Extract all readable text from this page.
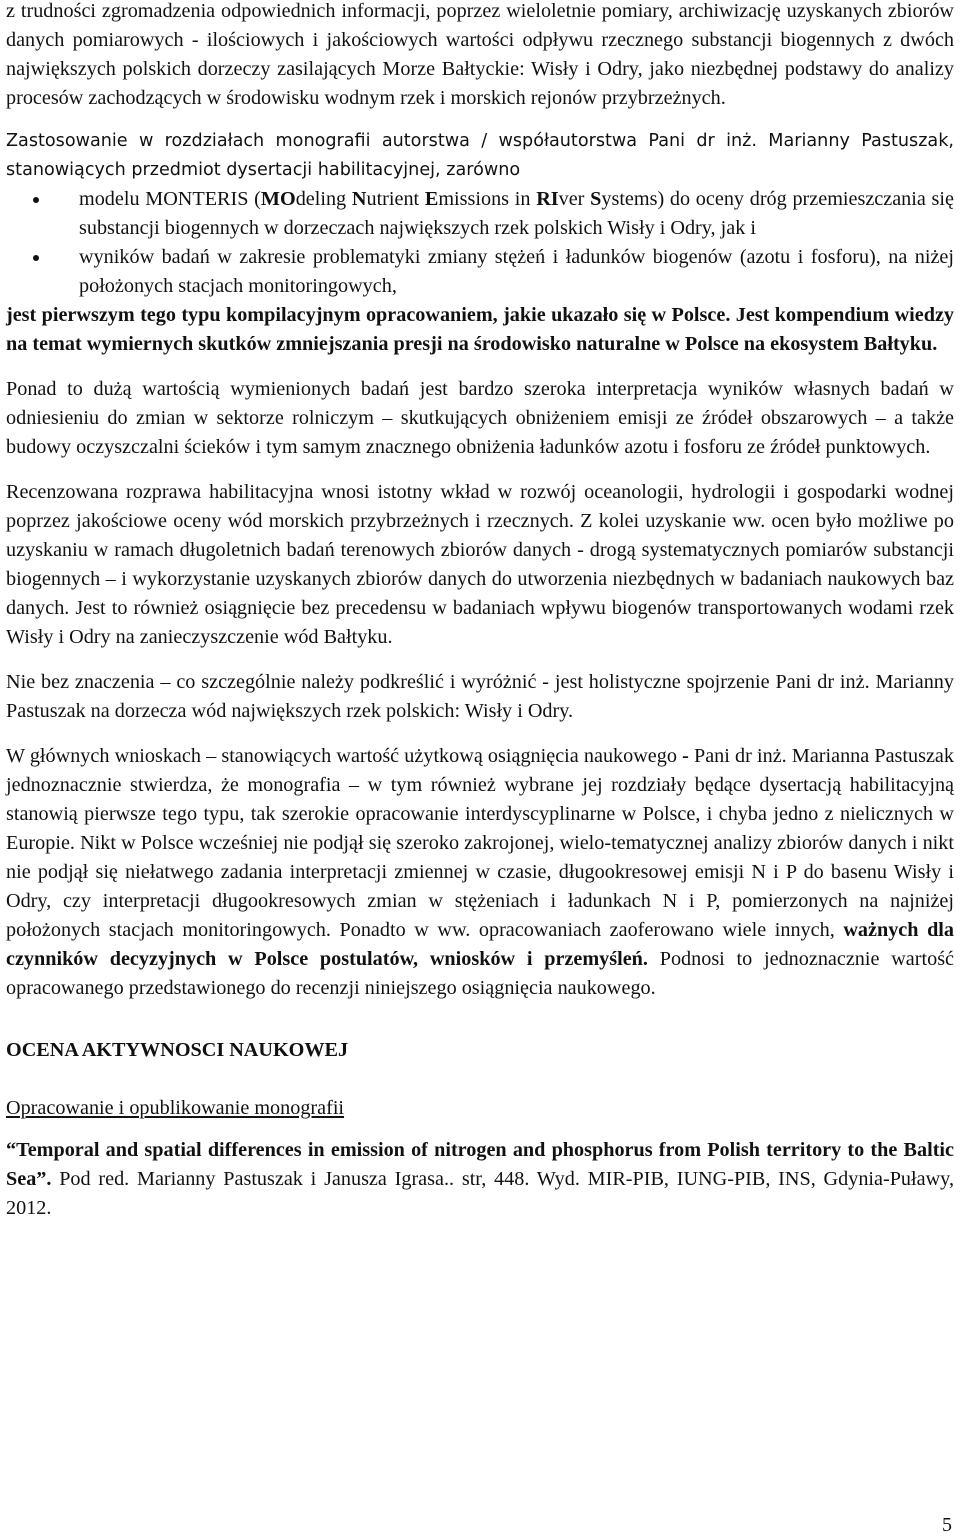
z trudności zgromadzenia odpowiednich informacji, poprzez wieloletnie pomiary, archiwizację uzyskanych zbiorów danych pomiarowych - ilościowych i jakościowych wartości odpływu rzecznego substancji biogennych z dwóch największych polskich dorzeczy zasilających Morze Bałtyckie: Wisły i Odry, jako niezbędnej podstawy do analizy procesów zachodzących w środowisku wodnym rzek i morskich rejonów przybrzeżnych.

Zastosowanie w rozdziałach monografii autorstwa / współautorstwa Pani dr inż. Marianny Pastuszak, stanowiących przedmiot dysertacji habilitacyjnej, zarówno

modelu MONTERIS (MOdeling Nutrient Emissions in RIver Systems) do oceny dróg przemieszczania się substancji biogennych w dorzeczach największych rzek polskich Wisły i Odry, jak i
wyników badań w zakresie problematyki zmiany stężeń i ładunków biogenów (azotu i fosforu), na niżej położonych stacjach monitoringowych,

jest pierwszym tego typu kompilacyjnym opracowaniem, jakie ukazało się w Polsce. Jest kompendium wiedzy na temat wymiernych skutków zmniejszania presji na środowisko naturalne w Polsce na ekosystem Bałtyku.

Ponad to dużą wartością wymienionych badań jest bardzo szeroka interpretacja wyników własnych badań w odniesieniu do zmian w sektorze rolniczym – skutkujących obniżeniem emisji ze źródeł obszarowych – a także budowy oczyszczalni ścieków i tym samym znacznego obniżenia ładunków azotu i fosforu ze źródeł punktowych.

Recenzowana rozprawa habilitacyjna wnosi istotny wkład w rozwój oceanologii, hydrologii i gospodarki wodnej poprzez jakościowe oceny wód morskich przybrzeżnych i rzecznych. Z kolei uzyskanie ww. ocen było możliwe po uzyskaniu w ramach długoletnich badań terenowych zbiorów danych - drogą systematycznych pomiarów substancji biogennych – i wykorzystanie uzyskanych zbiorów danych do utworzenia niezbędnych w badaniach naukowych baz danych. Jest to również osiągnięcie bez precedensu w badaniach wpływu biogenów transportowanych wodami rzek Wisły i Odry na zanieczyszczenie wód Bałtyku.

Nie bez znaczenia – co szczególnie należy podkreślić i wyróżnić - jest holistyczne spojrzenie Pani dr inż. Marianny Pastuszak na dorzecza wód największych rzek polskich: Wisły i Odry.

W głównych wnioskach – stanowiących wartość użytkową osiągnięcia naukowego - Pani dr inż. Marianna Pastuszak jednoznacznie stwierdza, że monografia – w tym również wybrane jej rozdziały będące dysertacją habilitacyjną stanowią pierwsze tego typu, tak szerokie opracowanie interdyscyplinarne w Polsce, i chyba jedno z nielicznych w Europie. Nikt w Polsce wcześniej nie podjął się szeroko zakrojonej, wielo-tematycznej analizy zbiorów danych i nikt nie podjął się niełatwego zadania interpretacji zmiennej w czasie, długookresowej emisji N i P do basenu Wisły i Odry, czy interpretacji długookresowych zmian w stężeniach i ładunkach N i P, pomierzonych na najniżej położonych stacjach monitoringowych. Ponadto w ww. opracowaniach zaoferowano wiele innych, ważnych dla czynników decyzyjnych w Polsce postulatów, wniosków i przemyśleń. Podnosi to jednoznacznie wartość opracowanego przedstawionego do recenzji niniejszego osiągnięcia naukowego.

OCENA AKTYWNOSCI NAUKOWEJ

Opracowanie i opublikowanie monografii

“Temporal and spatial differences in emission of nitrogen and phosphorus from Polish territory to the Baltic Sea”. Pod red. Marianny Pastuszak i Janusza Igrasa.. str, 448. Wyd. MIR-PIB, IUNG-PIB, INS, Gdynia-Puławy, 2012.

5
